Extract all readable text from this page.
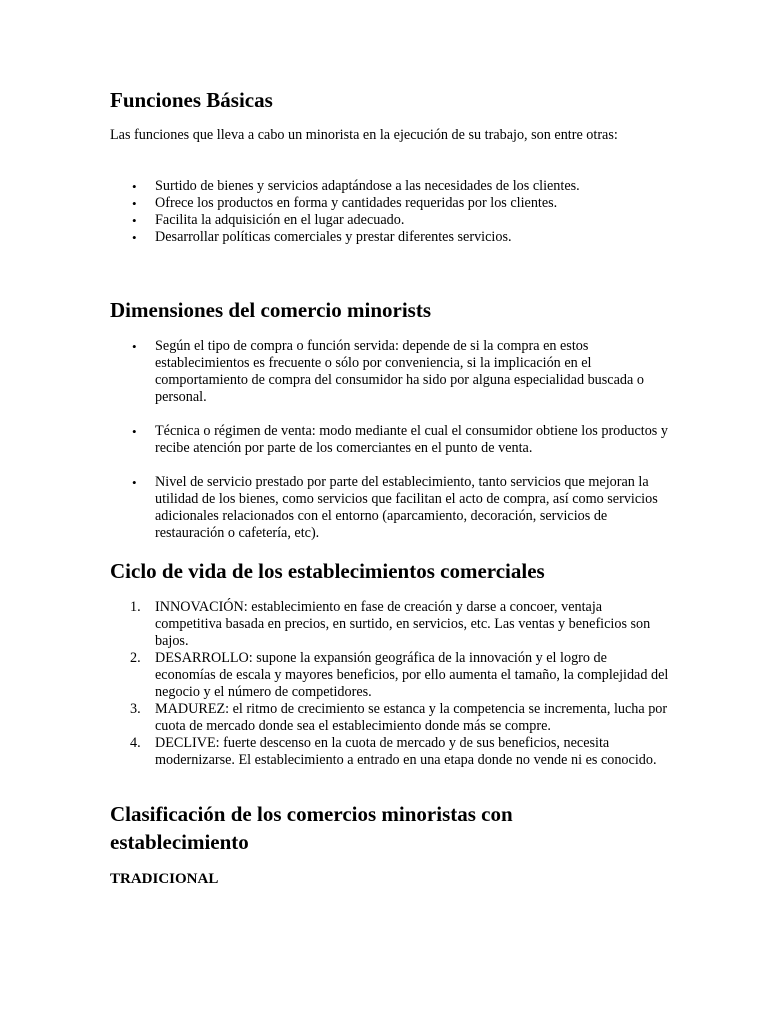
Funciones Básicas

Las funciones que lleva a cabo un minorista en la ejecución de su trabajo, son entre otras:

• Surtido de bienes y servicios adaptándose a las necesidades de los clientes.
• Ofrece los productos en forma y cantidades requeridas por los clientes.
• Facilita la adquisición en el lugar adecuado.
• Desarrollar políticas comerciales y prestar diferentes servicios.
Dimensiones del comercio minorists
• Según el tipo de compra o función servida: depende de si la compra en estos establecimientos es frecuente o sólo por conveniencia, si la implicación en el comportamiento de compra del consumidor ha sido por alguna especialidad buscada o personal.
• Técnica o régimen de venta: modo mediante el cual el consumidor obtiene los productos y recibe atención por parte de los comerciantes en el punto de venta.
• Nivel de servicio prestado por parte del establecimiento, tanto servicios que mejoran la utilidad de los bienes, como servicios que facilitan el acto de compra, así como servicios adicionales relacionados con el entorno (aparcamiento, decoración, servicios de restauración o cafetería, etc).
Ciclo de vida de los establecimientos comerciales
1. INNOVACIÓN: establecimiento en fase de creación y darse a concoer, ventaja competitiva basada en precios, en surtido, en servicios, etc. Las ventas y beneficios son bajos.
2. DESARROLLO: supone la expansión geográfica de la innovación y el logro de economías de escala y mayores beneficios, por ello aumenta el tamaño, la complejidad del negocio y el número de competidores.
3. MADUREZ: el ritmo de crecimiento se estanca y la competencia se incrementa, lucha por cuota de mercado donde sea el establecimiento donde más se compre.
4. DECLIVE: fuerte descenso en la cuota de mercado y de sus beneficios, necesita modernizarse. El establecimiento a entrado en una etapa donde no vende ni es conocido.
Clasificación de los comercios minoristas con establecimiento
TRADICIONAL
